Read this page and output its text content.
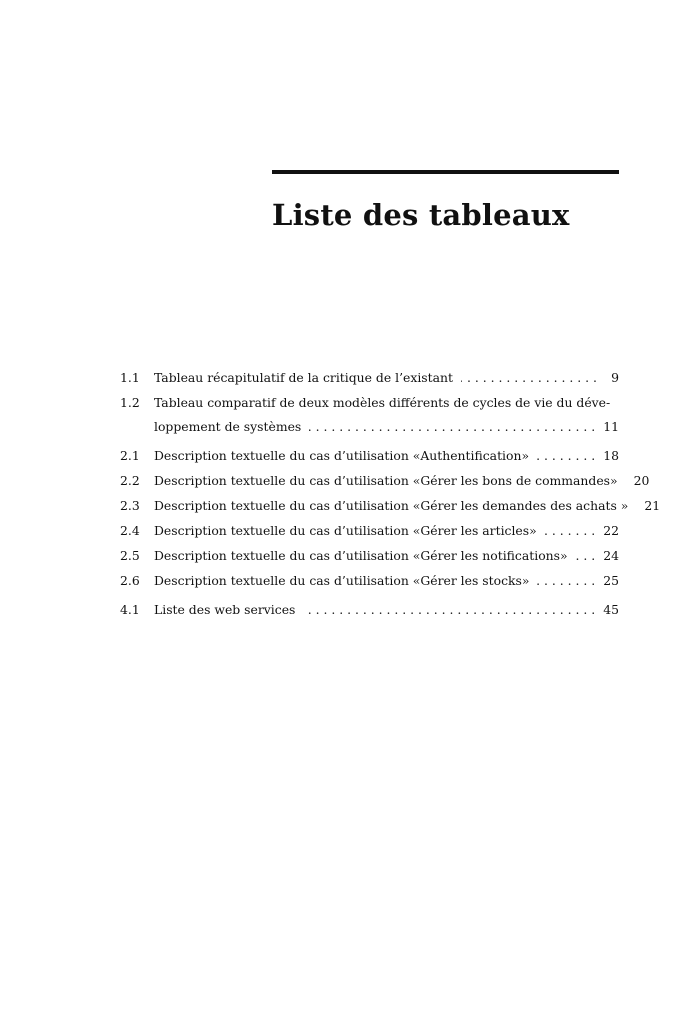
Liste des tableaux
1.1	Tableau récapitulatif de la critique de l’existant . . .	9
1.2	Tableau comparatif de deux modèles différents de cycles de vie du déve-
loppement de systèmes . . .	11
2.1	Description textuelle du cas d’utilisation «Authentification» . . .	18
2.2	Description textuelle du cas d’utilisation «Gérer les bons de commandes» 20
2.3	Description textuelle du cas d’utilisation «Gérer les demandes des achats » 21
2.4	Description textuelle du cas d’utilisation «Gérer les articles» . . .	22
2.5	Description textuelle du cas d’utilisation «Gérer les notifications» . . .	24
2.6	Description textuelle du cas d’utilisation «Gérer les stocks» . . .	25
4.1	Liste des web services . . .	45
